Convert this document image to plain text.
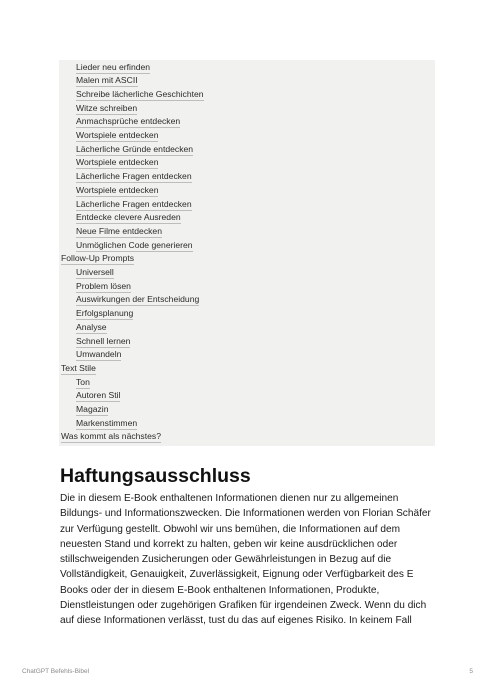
Lieder neu erfinden
Malen mit ASCII
Schreibe lächerliche Geschichten
Witze schreiben
Anmachsprüche entdecken
Wortspiele entdecken
Lächerliche Gründe entdecken
Wortspiele entdecken
Lächerliche Fragen entdecken
Wortspiele entdecken
Lächerliche Fragen entdecken
Entdecke clevere Ausreden
Neue Filme entdecken
Unmöglichen Code generieren
Follow-Up Prompts
Universell
Problem lösen
Auswirkungen der Entscheidung
Erfolgsplanung
Analyse
Schnell lernen
Umwandeln
Text Stile
Ton
Autoren Stil
Magazin
Markenstimmen
Was kommt als nächstes?
Haftungsausschluss

Die in diesem E-Book enthaltenen Informationen dienen nur zu allgemeinen Bildungs- und Informationszwecken. Die Informationen werden von Florian Schäfer zur Verfügung gestellt. Obwohl wir uns bemühen, die Informationen auf dem neuesten Stand und korrekt zu halten, geben wir keine ausdrücklichen oder stillschweigenden Zusicherungen oder Gewährleistungen in Bezug auf die Vollständigkeit, Genauigkeit, Zuverlässigkeit, Eignung oder Verfügbarkeit des E Books oder der in diesem E-Book enthaltenen Informationen, Produkte, Dienstleistungen oder zugehörigen Grafiken für irgendeinen Zweck. Wenn du dich auf diese Informationen verlässt, tust du das auf eigenes Risiko. In keinem Fall

ChatGPT Befehls-Bibel	5
